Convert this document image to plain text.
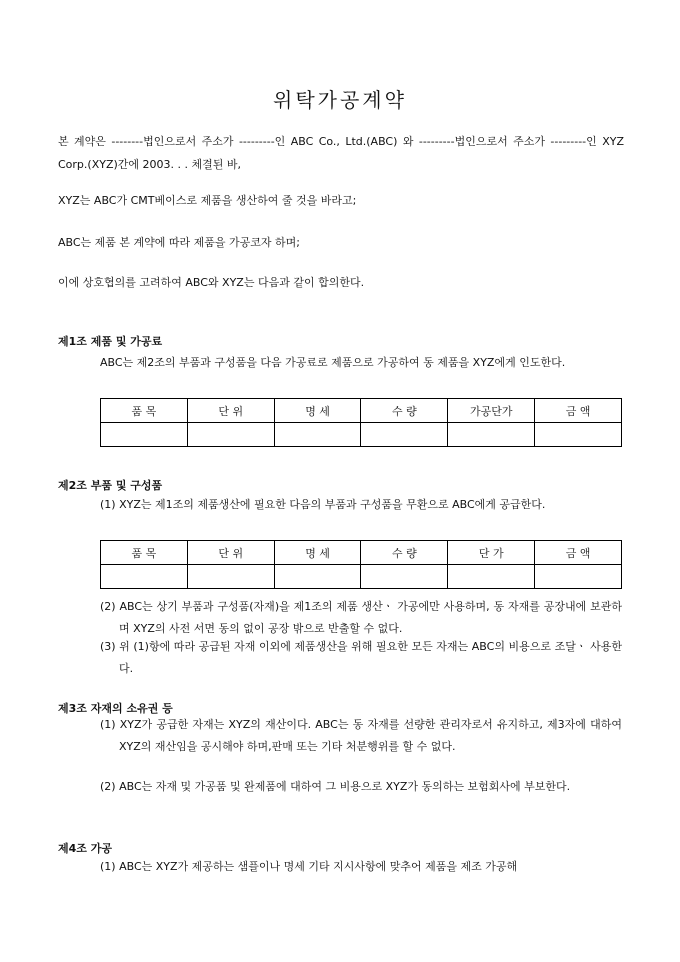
위탁가공계약
본 계약은 --------법인으로서 주소가 ---------인 ABC Co., Ltd.(ABC) 와 ---------법인으로서 주소가 ---------인 XYZ Corp.(XYZ)간에 2003. . . 체결된 바,
XYZ는 ABC가 CMT베이스로 제품을 생산하여 줄 것을 바라고;
ABC는 제품 본 계약에 따라 제품을 가공코자 하며;
이에 상호협의를 고려하여 ABC와 XYZ는 다음과 같이 합의한다.
제1조 제품 및 가공료
ABC는 제2조의 부품과 구성품을 다음 가공료로 제품으로 가공하여 동 제품을 XYZ에게 인도한다.
품 목	단 위	명 세	수 량	가공단가	금 액

제2조 부품 및 구성품
(1) XYZ는 제1조의 제품생산에 필요한 다음의 부품과 구성품을 무환으로 ABC에게 공급한다.
품 목	단 위	명 세	수 량	단 가	금 액

(2) ABC는 상기 부품과 구성품(자재)을 제1조의 제품 생산ㆍ 가공에만 사용하며, 동 자재를 공장내에 보관하며 XYZ의 사전 서면 동의 없이 공장 밖으로 반출할 수 없다.
(3) 위 (1)항에 따라 공급된 자재 이외에 제품생산을 위해 필요한 모든 자재는 ABC의 비용으로 조달ㆍ 사용한다.
제3조 자재의 소유권 등
(1) XYZ가 공급한 자재는 XYZ의 재산이다. ABC는 동 자재를 선량한 관리자로서 유지하고, 제3자에 대하여 XYZ의 재산임을 공시해야 하며,판매 또는 기타 처분행위를 할 수 없다.
(2) ABC는 자재 및 가공품 및 완제품에 대하여 그 비용으로 XYZ가 동의하는 보험회사에 부보한다.
제4조 가공
(1) ABC는 XYZ가 제공하는 샘플이나 명세 기타 지시사항에 맞추어 제품을 제조 가공해
